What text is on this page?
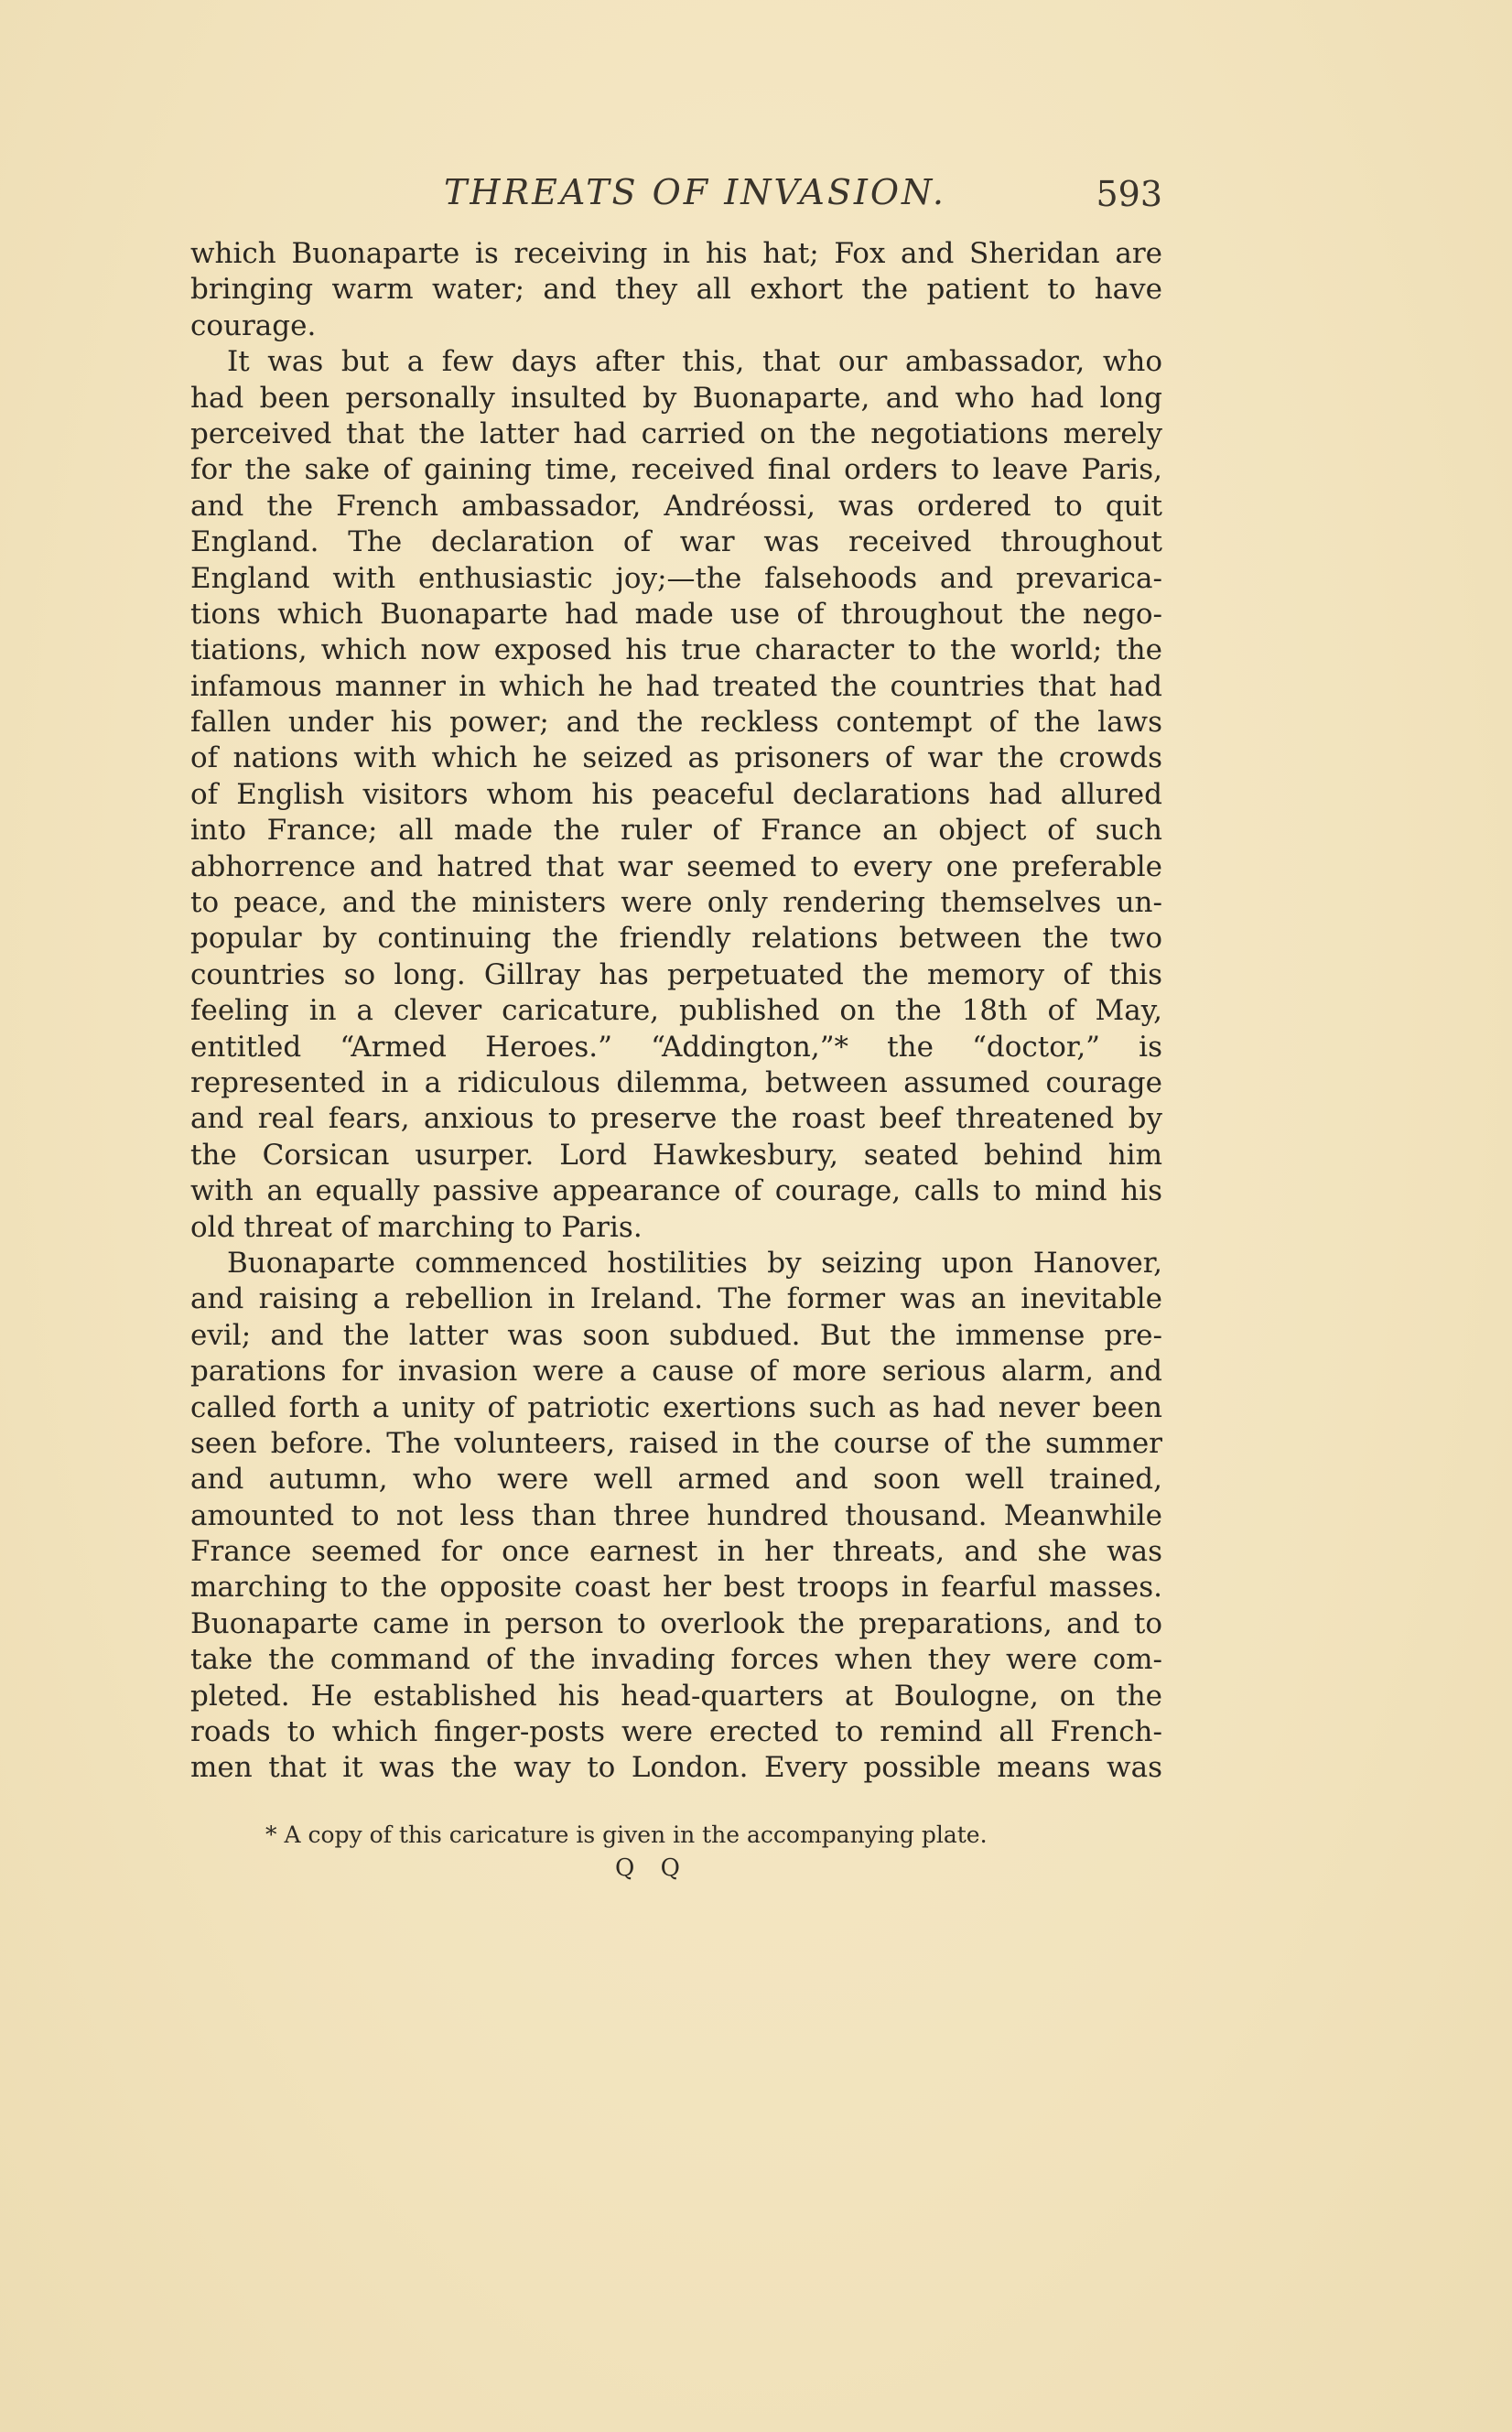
THREATS OF INVASION.	593
which Buonaparte is receiving in his hat; Fox and Sheridan are
bringing warm water; and they all exhort the patient to have
courage.
It was but a few days after this, that our ambassador, who
had been personally insulted by Buonaparte, and who had long
perceived that the latter had carried on the negotiations merely
for the sake of gaining time, received final orders to leave Paris,
and the French ambassador, Andréossi, was ordered to quit
England. The declaration of war was received throughout
England with enthusiastic joy;—the falsehoods and prevarica-
tions which Buonaparte had made use of throughout the nego-
tiations, which now exposed his true character to the world; the
infamous manner in which he had treated the countries that had
fallen under his power; and the reckless contempt of the laws
of nations with which he seized as prisoners of war the crowds
of English visitors whom his peaceful declarations had allured
into France; all made the ruler of France an object of such
abhorrence and hatred that war seemed to every one preferable
to peace, and the ministers were only rendering themselves un-
popular by continuing the friendly relations between the two
countries so long. Gillray has perpetuated the memory of this
feeling in a clever caricature, published on the 18th of May,
entitled “Armed Heroes.” “Addington,”* the “doctor,” is
represented in a ridiculous dilemma, between assumed courage
and real fears, anxious to preserve the roast beef threatened by
the Corsican usurper. Lord Hawkesbury, seated behind him
with an equally passive appearance of courage, calls to mind his
old threat of marching to Paris.
Buonaparte commenced hostilities by seizing upon Hanover,
and raising a rebellion in Ireland. The former was an inevitable
evil; and the latter was soon subdued. But the immense pre-
parations for invasion were a cause of more serious alarm, and
called forth a unity of patriotic exertions such as had never been
seen before. The volunteers, raised in the course of the summer
and autumn, who were well armed and soon well trained,
amounted to not less than three hundred thousand. Meanwhile
France seemed for once earnest in her threats, and she was
marching to the opposite coast her best troops in fearful masses.
Buonaparte came in person to overlook the preparations, and to
take the command of the invading forces when they were com-
pleted. He established his head-quarters at Boulogne, on the
roads to which finger-posts were erected to remind all French-
men that it was the way to London. Every possible means was
* A copy of this caricature is given in the accompanying plate.
Q Q
